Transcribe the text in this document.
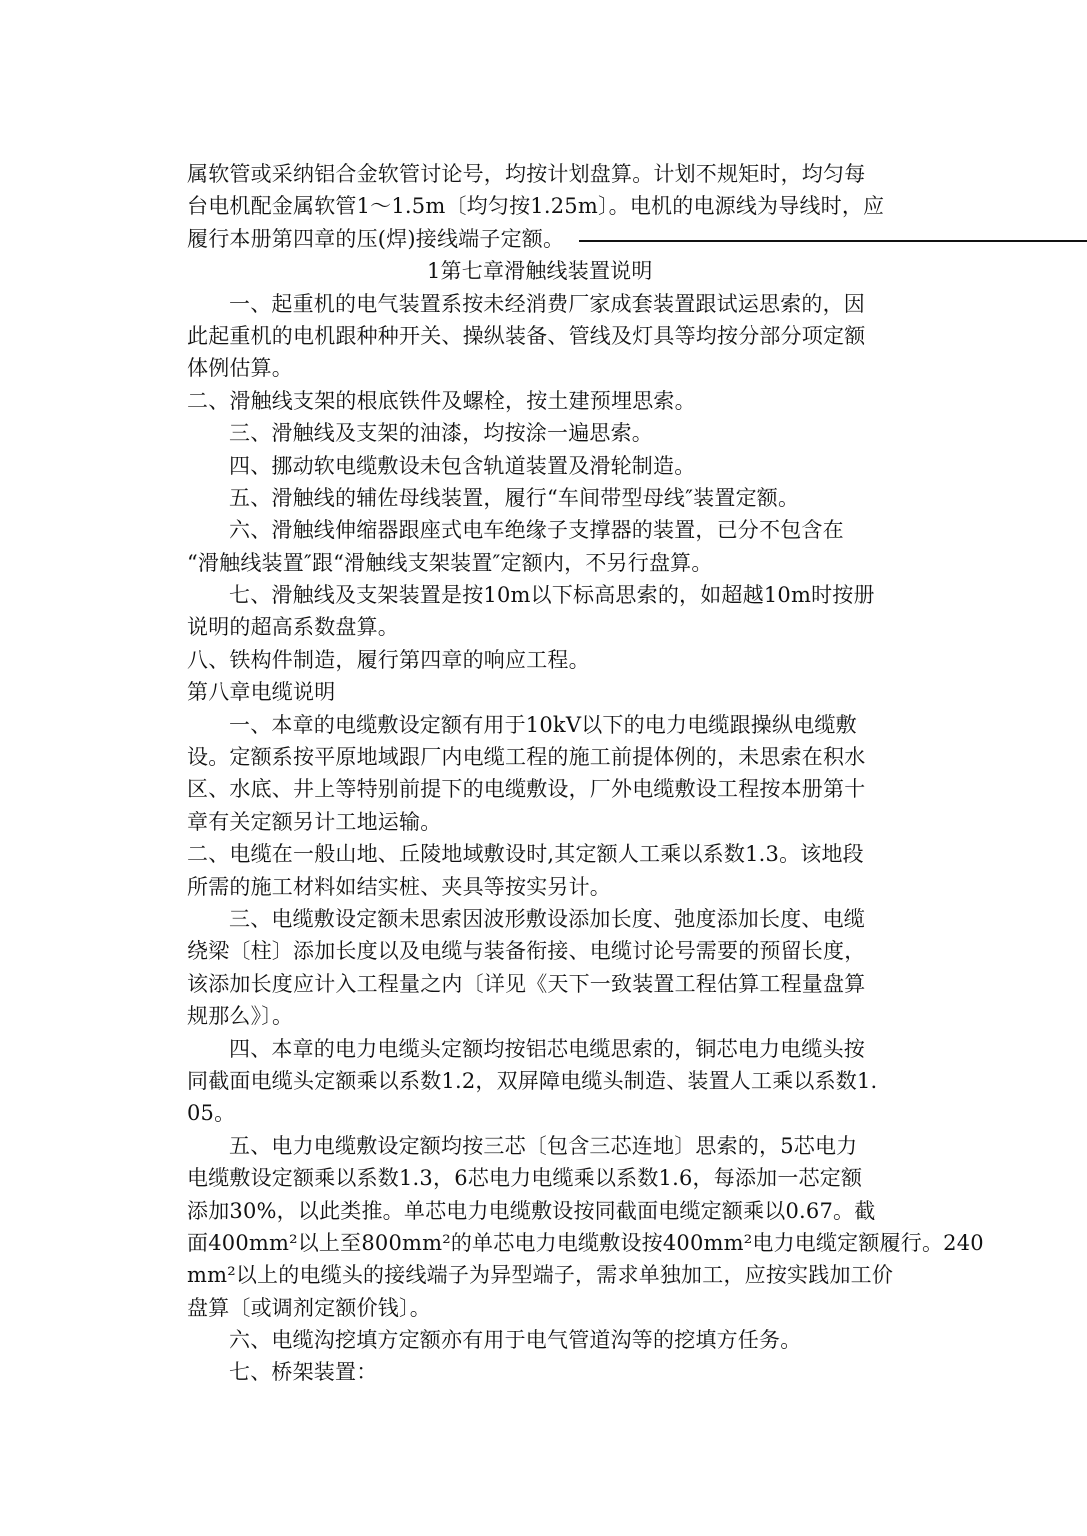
属软管或采纳铝合金软管讨论号，均按计划盘算。计划不规矩时，均匀每
台电机配金属软管1～1.5m〔均匀按1.25m〕。电机的电源线为导线时，应
履行本册第四章的压(焊)接线端子定额。
1第七章滑触线装置说明
一、起重机的电气装置系按未经消费厂家成套装置跟试运思索的，因
此起重机的电机跟种种开关、操纵装备、管线及灯具等均按分部分项定额
体例估算。
二、滑触线支架的根底铁件及螺栓，按土建预埋思索。
三、滑触线及支架的油漆，均按涂一遍思索。
四、挪动软电缆敷设未包含轨道装置及滑轮制造。
五、滑触线的辅佐母线装置，履行“车间带型母线″装置定额。
六、滑触线伸缩器跟座式电车绝缘子支撑器的装置，已分不包含在
“滑触线装置″跟“滑触线支架装置″定额内，不另行盘算。
七、滑触线及支架装置是按10m以下标高思索的，如超越10m时按册
说明的超高系数盘算。
八、铁构件制造，履行第四章的响应工程。
第八章电缆说明
一、本章的电缆敷设定额有用于10kV以下的电力电缆跟操纵电缆敷
设。定额系按平原地域跟厂内电缆工程的施工前提体例的，未思索在积水
区、水底、井上等特别前提下的电缆敷设，厂外电缆敷设工程按本册第十
章有关定额另计工地运输。
二、电缆在一般山地、丘陵地域敷设时,其定额人工乘以系数1.3。该地段
所需的施工材料如结实桩、夹具等按实另计。
三、电缆敷设定额未思索因波形敷设添加长度、弛度添加长度、电缆
绕梁〔柱〕添加长度以及电缆与装备衔接、电缆讨论号需要的预留长度，
该添加长度应计入工程量之内〔详见《天下一致装置工程估算工程量盘算
规那么》〕。
四、本章的电力电缆头定额均按铝芯电缆思索的，铜芯电力电缆头按
同截面电缆头定额乘以系数1.2，双屏障电缆头制造、装置人工乘以系数1.
05。
五、电力电缆敷设定额均按三芯〔包含三芯连地〕思索的，5芯电力
电缆敷设定额乘以系数1.3，6芯电力电缆乘以系数1.6，每添加一芯定额
添加30%，以此类推。单芯电力电缆敷设按同截面电缆定额乘以0.67。截
面400mm²以上至800mm²的单芯电力电缆敷设按400mm²电力电缆定额履行。240
mm²以上的电缆头的接线端子为异型端子，需求单独加工，应按实践加工价
盘算〔或调剂定额价钱〕。
六、电缆沟挖填方定额亦有用于电气管道沟等的挖填方任务。
七、桥架装置：
